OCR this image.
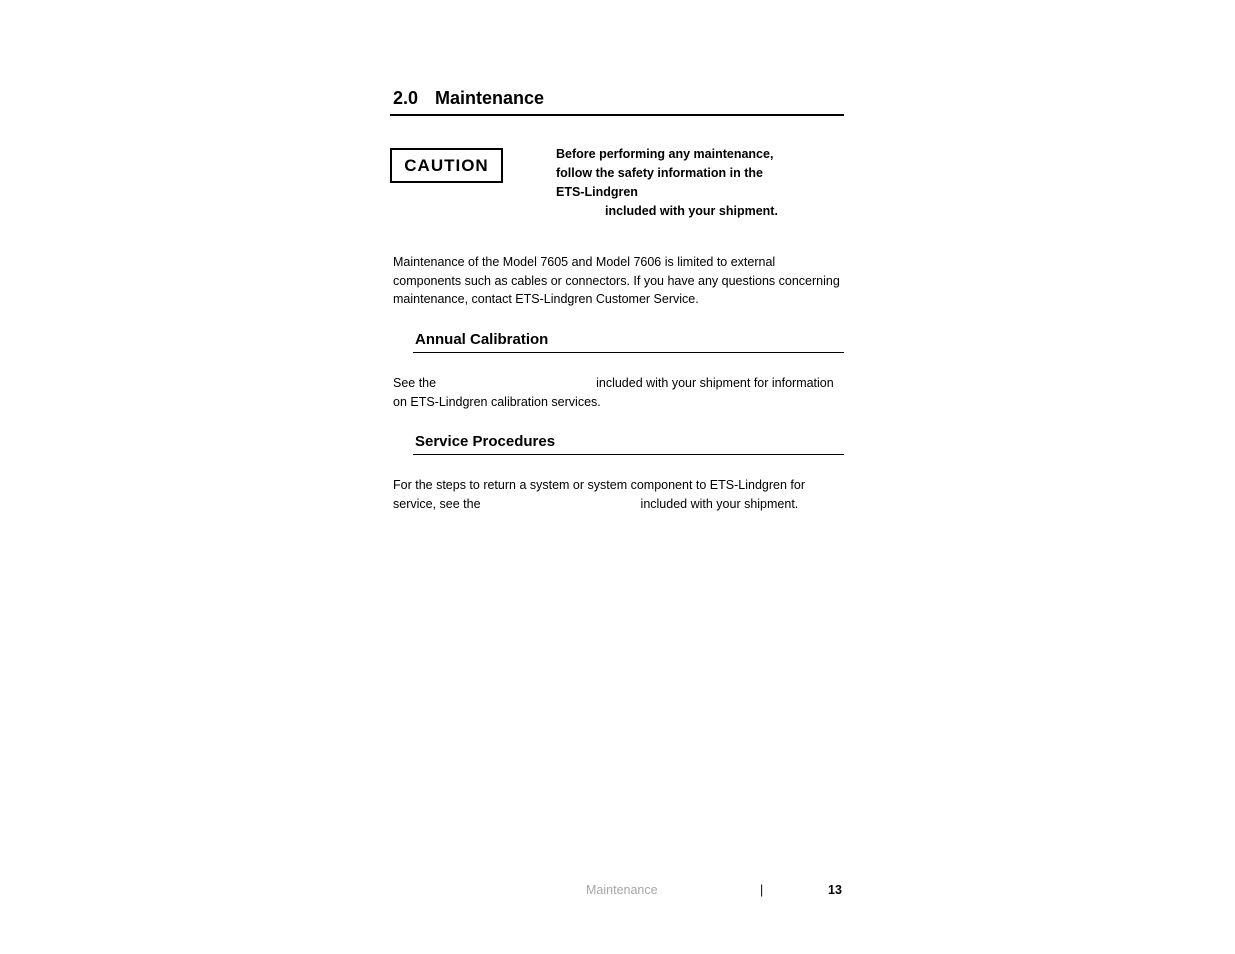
2.0 Maintenance
CAUTION
Before performing any maintenance,
follow the safety information in the
ETS-Lindgren
included with your shipment.
Maintenance of the Model 7605 and Model 7606 is limited to external
components such as cables or connectors. If you have any questions concerning
maintenance, contact ETS-Lindgren Customer Service.
Annual Calibration
See the	included with your shipment for information
on ETS-Lindgren calibration services.
Service Procedures
For the steps to return a system or system component to ETS-Lindgren for
service, see the	included with your shipment.
Maintenance	|	13
